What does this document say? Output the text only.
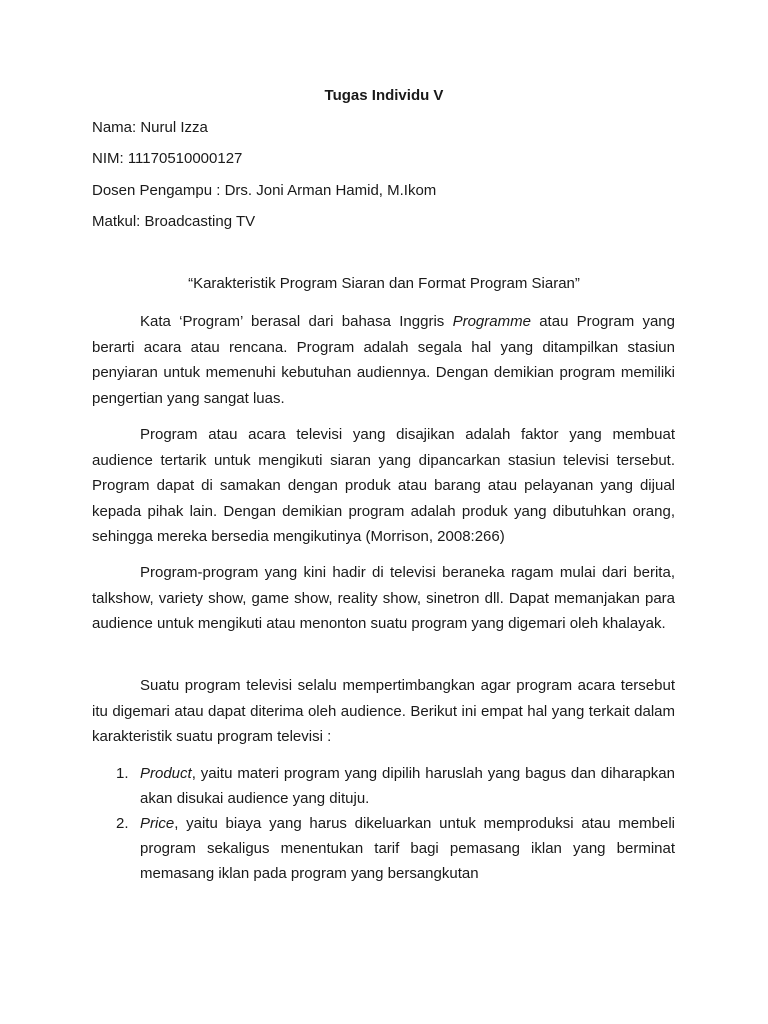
Tugas Individu V

Nama: Nurul Izza

NIM: 11170510000127

Dosen Pengampu : Drs. Joni Arman Hamid, M.Ikom

Matkul: Broadcasting TV

“Karakteristik Program Siaran dan Format Program Siaran”

Kata ‘Program’ berasal dari bahasa Inggris Programme atau Program yang berarti acara atau rencana. Program adalah segala hal yang ditampilkan stasiun penyiaran untuk memenuhi kebutuhan audiennya. Dengan demikian program memiliki pengertian yang sangat luas.

Program atau acara televisi yang disajikan adalah faktor yang membuat audience tertarik untuk mengikuti siaran yang dipancarkan stasiun televisi tersebut. Program dapat di samakan dengan produk atau barang atau pelayanan yang dijual kepada pihak lain. Dengan demikian program adalah produk yang dibutuhkan orang, sehingga mereka bersedia mengikutinya (Morrison, 2008:266)

Program-program yang kini hadir di televisi beraneka ragam mulai dari berita, talkshow, variety show, game show, reality show, sinetron dll. Dapat memanjakan para audience untuk mengikuti atau menonton suatu program yang digemari oleh khalayak.

Suatu program televisi selalu mempertimbangkan agar program acara tersebut itu digemari atau dapat diterima oleh audience. Berikut ini empat hal yang terkait dalam karakteristik suatu program televisi :

1. Product, yaitu materi program yang dipilih haruslah yang bagus dan diharapkan akan disukai audience yang dituju.
2. Price, yaitu biaya yang harus dikeluarkan untuk memproduksi atau membeli program sekaligus menentukan tarif bagi pemasang iklan yang berminat memasang iklan pada program yang bersangkutan
